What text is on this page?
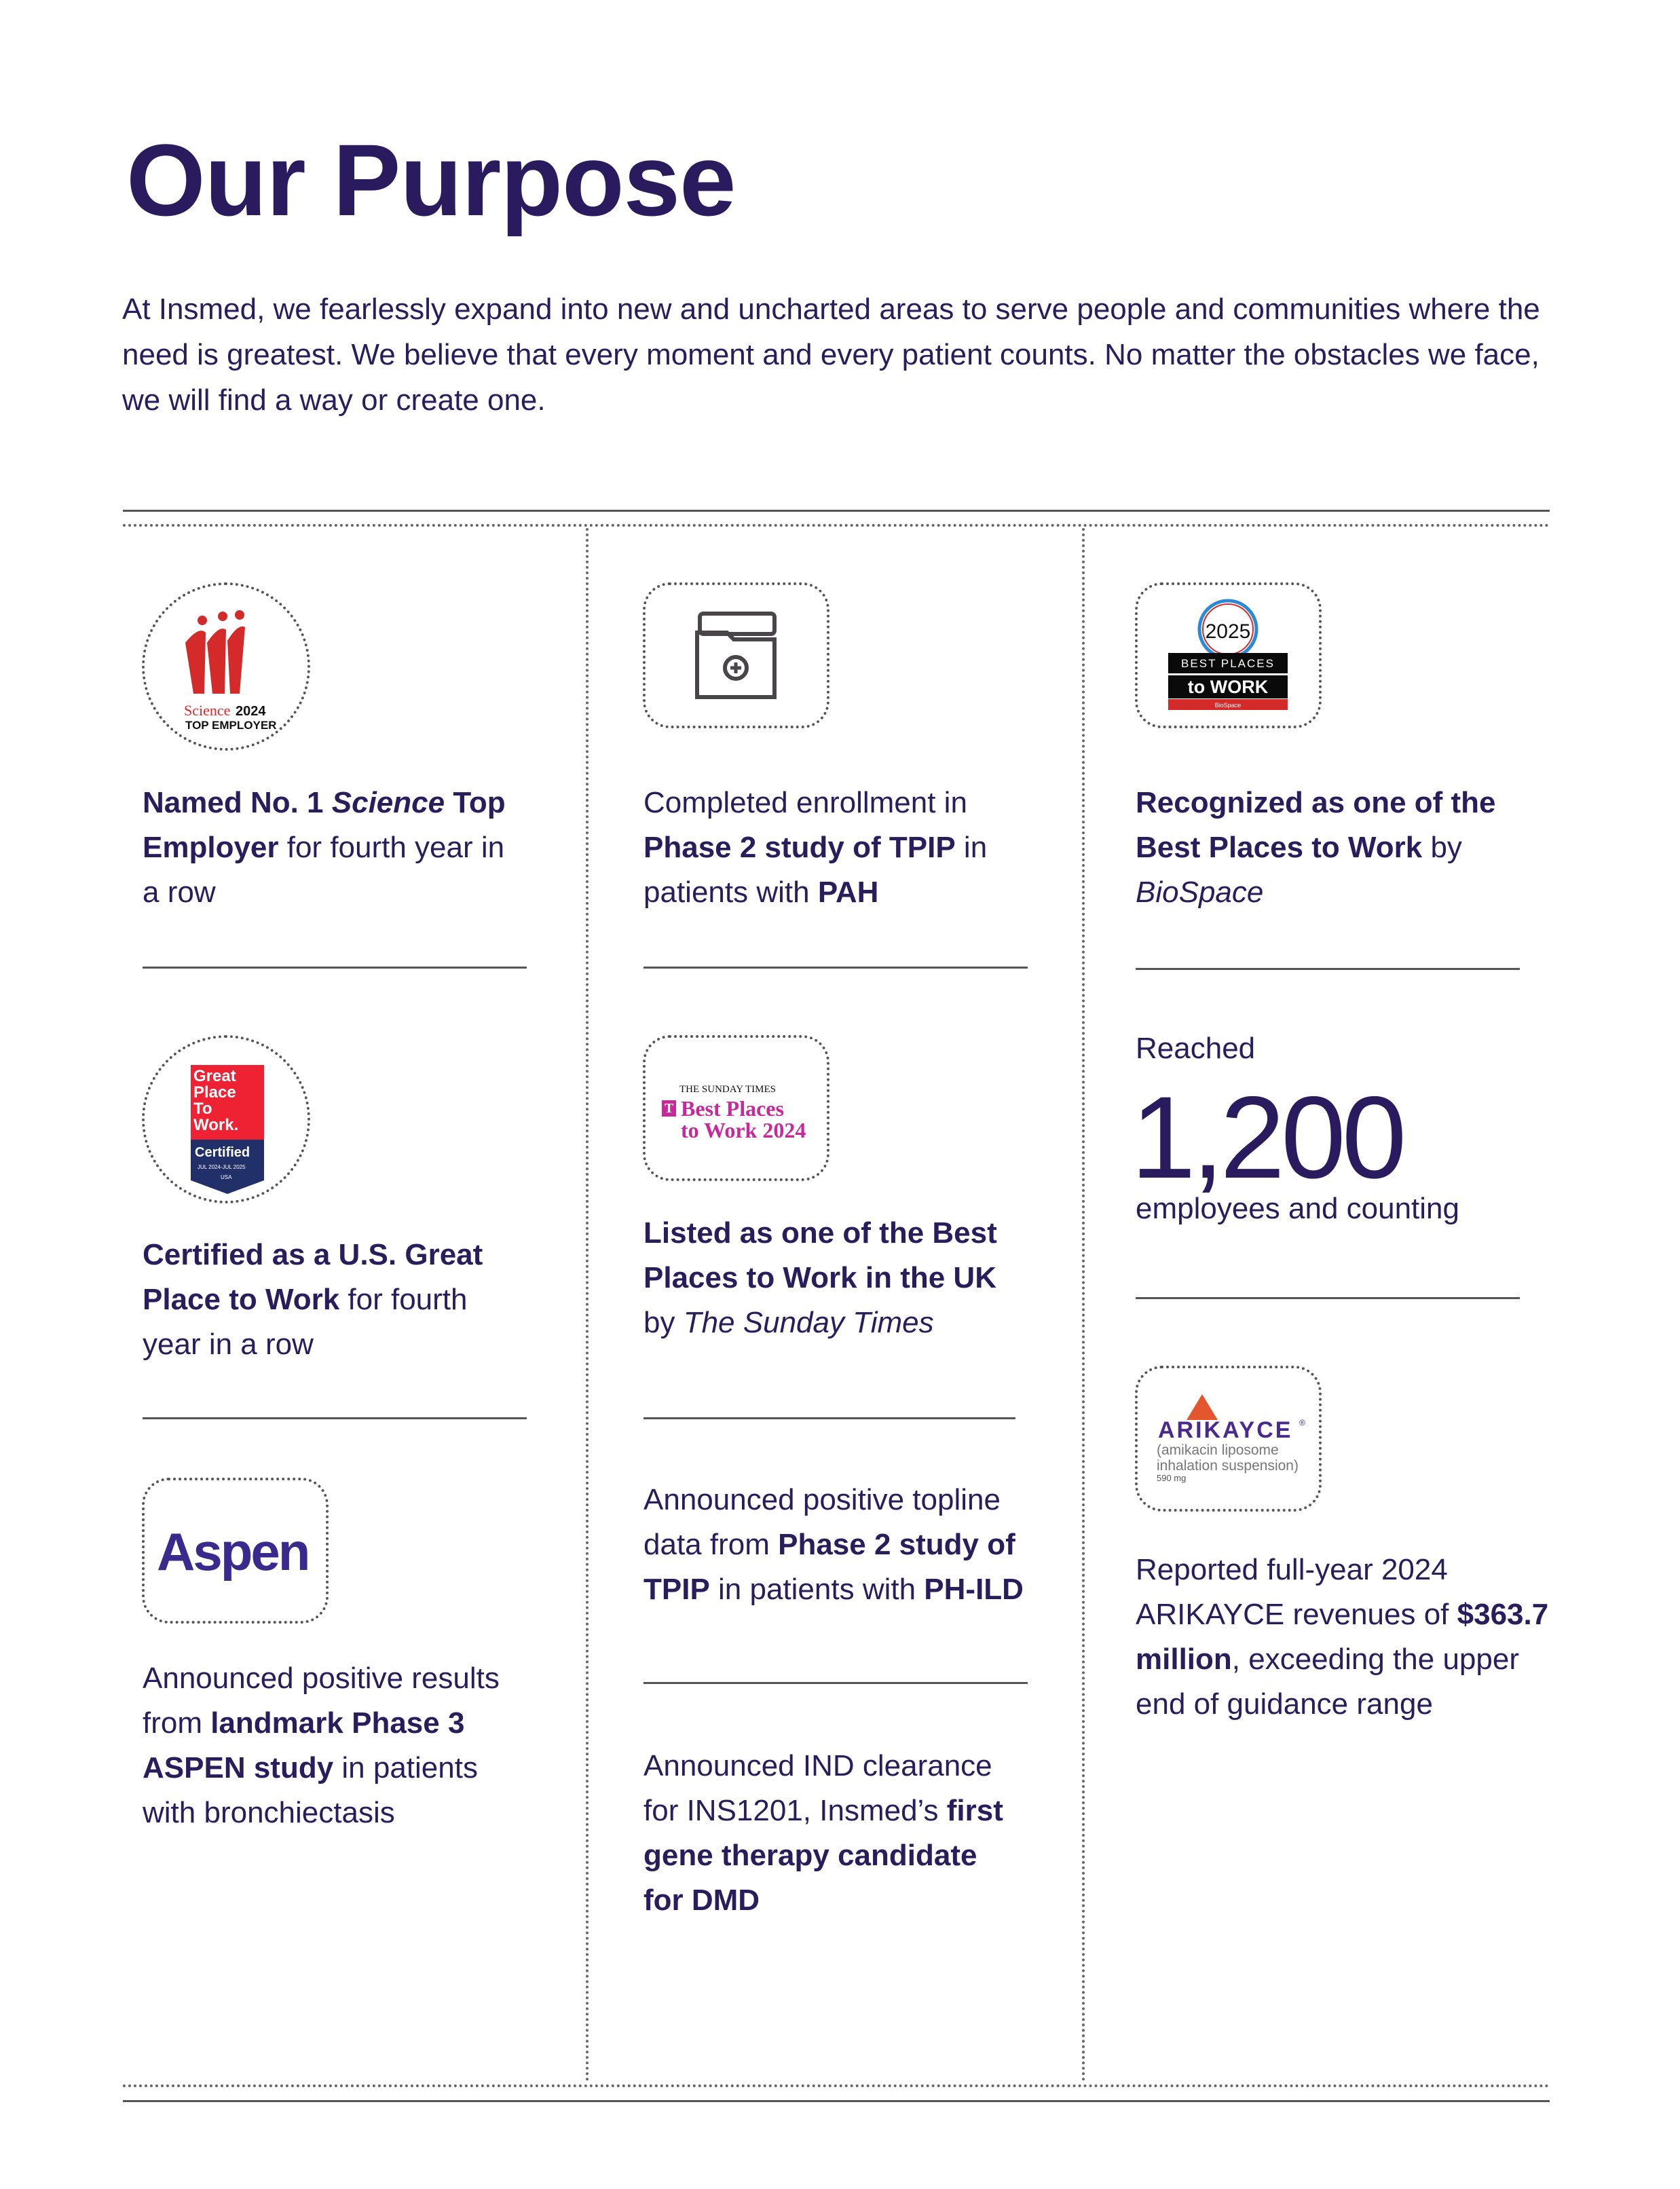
Our Purpose

At Insmed, we fearlessly expand into new and uncharted areas to serve people and communities where the need is greatest. We believe that every moment and every patient counts. No matter the obstacles we face, we will find a way or create one.

Science 2024
TOP EMPLOYER
Named No. 1 Science Top Employer for fourth year in a row
Great
Place
To
Work.
Certified
JUL 2024-JUL 2025
USA
Certified as a U.S. Great Place to Work for fourth year in a row
Aspen
Announced positive results from landmark Phase 3 ASPEN study in patients with bronchiectasis
Completed enrollment in Phase 2 study of TPIP in patients with PAH
THE SUNDAY TIMES
T Best Places
to Work 2024
Listed as one of the Best Places to Work in the UK by The Sunday Times
Announced positive topline data from Phase 2 study of TPIP in patients with PH-ILD
Announced IND clearance for INS1201, Insmed’s first gene therapy candidate for DMD
2025
BEST PLACES
to WORK
BioSpace
Recognized as one of the Best Places to Work by BioSpace
Reached
1,200
employees and counting
ARIKAYCE ®
(amikacin liposome
inhalation suspension)
590 mg
Reported full-year 2024 ARIKAYCE revenues of $363.7 million, exceeding the upper end of guidance range
